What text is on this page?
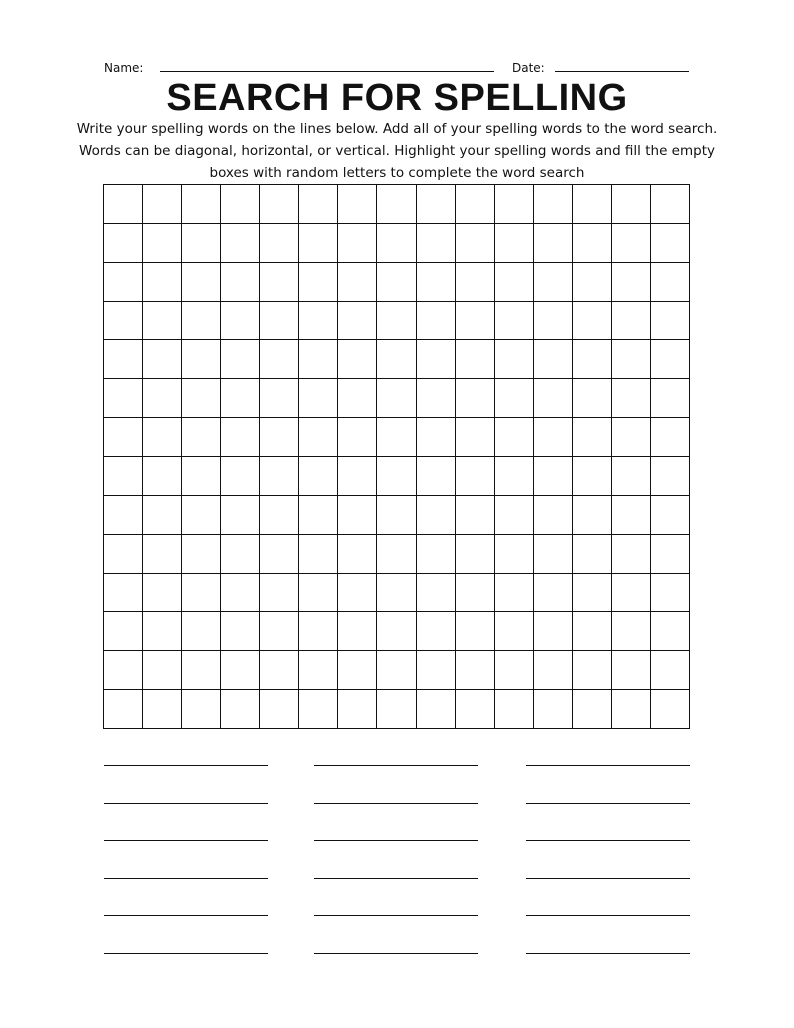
Name:	Date:
SEARCH FOR SPELLING

Write your spelling words on the lines below. Add all of your spelling words to the word search. Words can be diagonal, horizontal, or vertical. Highlight your spelling words and fill the empty boxes with random letters to complete the word search
